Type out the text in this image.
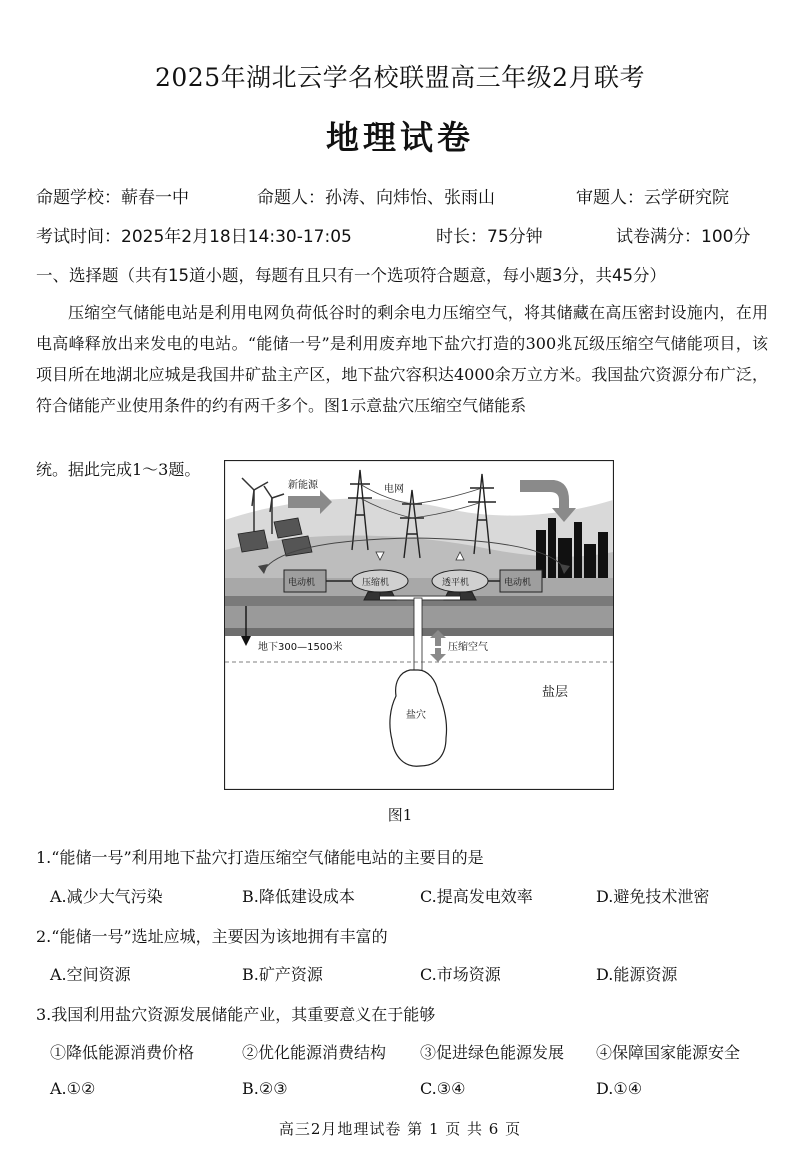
2025年湖北云学名校联盟高三年级2月联考
地理试卷
命题学校：蕲春一中	命题人：孙涛、向炜怡、张雨山	审题人：云学研究院
考试时间：2025年2月18日14:30-17:05	时长：75分钟	试卷满分：100分
一、选择题（共有15道小题，每题有且只有一个选项符合题意，每小题3分，共45分）
压缩空气储能电站是利用电网负荷低谷时的剩余电力压缩空气，将其储藏在高压密封设施内，在用电高峰释放出来发电的电站。“能储一号”是利用废弃地下盐穴打造的300兆瓦级压缩空气储能项目，该项目所在地湖北应城是我国井矿盐主产区，地下盐穴容积达4000余万立方米。我国盐穴资源分布广泛，符合储能产业使用条件的约有两千多个。图1示意盐穴压缩空气储能系
统。据此完成1～3题。
新能源	电网
电动机	压缩机	透平机	电动机
地下300—1500米	压缩空气
盐层
盐穴
图1
1.“能储一号”利用地下盐穴打造压缩空气储能电站的主要目的是
A.减少大气污染	B.降低建设成本	C.提高发电效率	D.避免技术泄密
2.“能储一号”选址应城，主要因为该地拥有丰富的
A.空间资源	B.矿产资源	C.市场资源	D.能源资源
3.我国利用盐穴资源发展储能产业，其重要意义在于能够
①降低能源消费价格	②优化能源消费结构 ③促进绿色能源发展 ④保障国家能源安全
A.①②	B.②③	C.③④	D.①④
高三2月地理试卷 第 1 页 共 6 页
